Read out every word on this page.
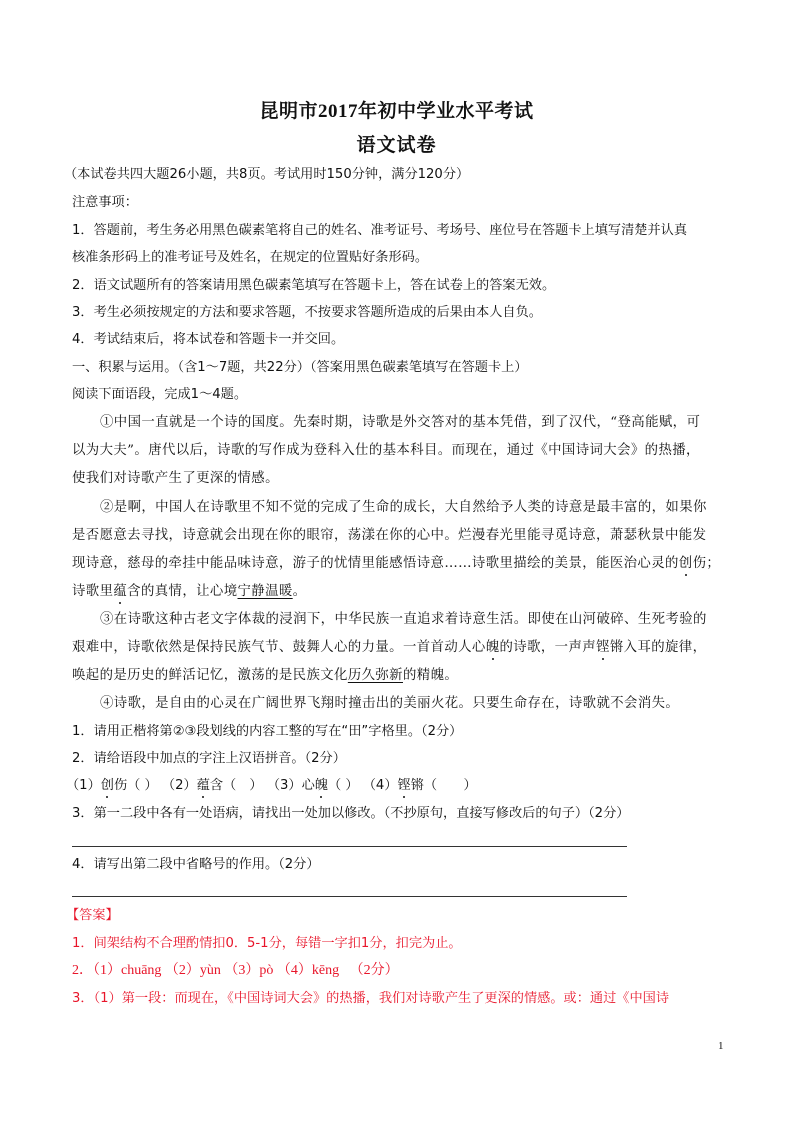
昆明市2017年初中学业水平考试
语文试卷
（本试卷共四大题26小题，共8页。考试用时150分钟，满分120分）
注意事项：
1．答题前，考生务必用黑色碳素笔将自己的姓名、准考证号、考场号、座位号在答题卡上填写清楚并认真
核准条形码上的准考证号及姓名，在规定的位置贴好条形码。
2．语文试题所有的答案请用黑色碳素笔填写在答题卡上，答在试卷上的答案无效。
3．考生必须按规定的方法和要求答题，不按要求答题所造成的后果由本人自负。
4．考试结束后，将本试卷和答题卡一并交回。
一、积累与运用。（含1～7题，共22分）（答案用黑色碳素笔填写在答题卡上）
阅读下面语段，完成1～4题。
①中国一直就是一个诗的国度。先秦时期，诗歌是外交答对的基本凭借，到了汉代，“登高能赋，可
以为大夫”。唐代以后，诗歌的写作成为登科入仕的基本科目。而现在，通过《中国诗词大会》的热播，
使我们对诗歌产生了更深的情感。
②是啊，中国人在诗歌里不知不觉的完成了生命的成长，大自然给予人类的诗意是最丰富的，如果你
是否愿意去寻找，诗意就会出现在你的眼帘，荡漾在你的心中。烂漫春光里能寻觅诗意，萧瑟秋景中能发
现诗意，慈母的牵挂中能品味诗意，游子的忧情里能感悟诗意……诗歌里描绘的美景，能医治心灵的创伤；
诗歌里蕴含的真情，让心境宁静温暖。
③在诗歌这种古老文字体裁的浸润下，中华民族一直追求着诗意生活。即使在山河破碎、生死考验的
艰难中，诗歌依然是保持民族气节、鼓舞人心的力量。一首首动人心魄的诗歌，一声声铿锵入耳的旋律，
唤起的是历史的鲜活记忆，激荡的是民族文化历久弥新的精魄。
④诗歌，是自由的心灵在广阔世界飞翔时撞击出的美丽火花。只要生命存在，诗歌就不会消失。
1．请用正楷将第②③段划线的内容工整的写在“田”字格里。（2分）
2．请给语段中加点的字注上汉语拼音。（2分）
（1）创伤（ ） （2）蕴含（　） （3）心魄（ ） （4）铿锵（　　）
3．第一二段中各有一处语病，请找出一处加以修改。（不抄原句，直接写修改后的句子）（2分）
4．请写出第二段中省略号的作用。（2分）
【答案】
1．间架结构不合理酌情扣0．5-1分，每错一字扣1分，扣完为止。
2．（1）chuāng （2）yùn （3）pò （4）kēng 　（2分）
3．（1）第一段：而现在，《中国诗词大会》的热播，我们对诗歌产生了更深的情感。或：通过《中国诗
1
